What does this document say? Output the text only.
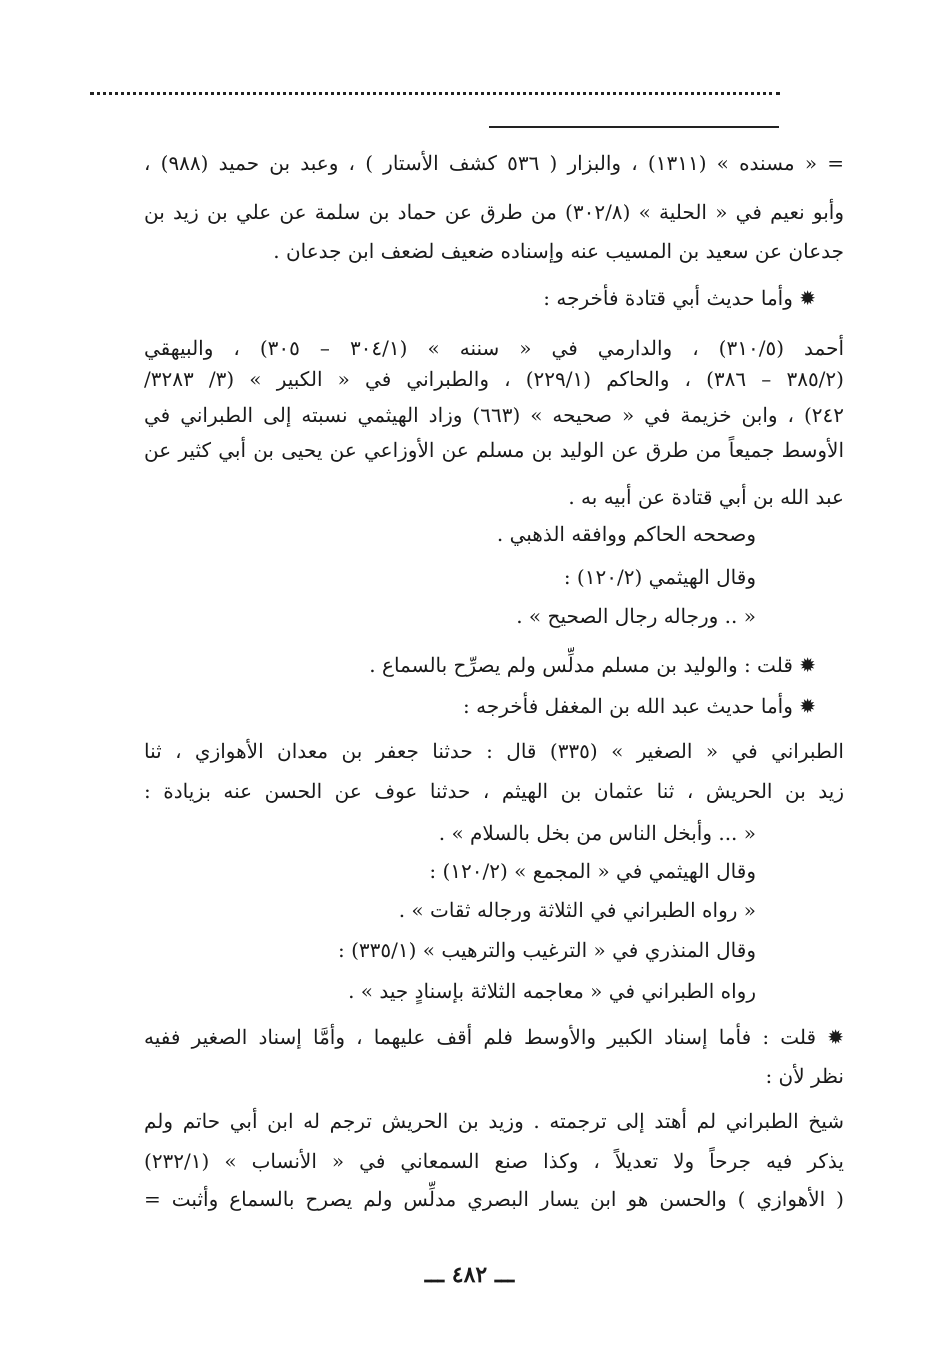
= « مسنده » (١٣١١) ، والبزار ( ٥٣٦ كشف الأستار ) ، وعبد بن حميد (٩٨٨) ،
وأبو نعيم في « الحلية » (٣٠٢/٨) من طرق عن حماد بن سلمة عن علي بن زيد بن
جدعان عن سعيد بن المسيب عنه وإسناده ضعيف لضعف ابن جدعان .
✹ وأما حديث أبي قتادة فأخرجه :
أحمد (٣١٠/٥) ، والدارمي في « سننه » (٣٠٤/١ – ٣٠٥) ، والبيهقي
(٣٨٥/٢ – ٣٨٦) ، والحاكم (٢٢٩/١) ، والطبراني في « الكبير » (٣/ ٣٢٨٣/
٢٤٢) ، وابن خزيمة في « صحيحه » (٦٦٣) وزاد الهيثمي نسبته إلى الطبراني في
الأوسط جميعاً من طرق عن الوليد بن مسلم عن الأوزاعي عن يحيى بن أبي كثير عن
عبد الله بن أبي قتادة عن أبيه به .
وصححه الحاكم ووافقه الذهبي .
وقال الهيثمي (١٢٠/٢) :
« .. ورجاله رجال الصحيح » .
✹ قلت : والوليد بن مسلم مدلِّس ولم يصرِّح بالسماع .
✹ وأما حديث عبد الله بن المغفل فأخرجه :
الطبراني في « الصغير » (٣٣٥) قال : حدثنا جعفر بن معدان الأهوازي ، ثنا
زيد بن الحريش ، ثنا عثمان بن الهيثم ، حدثنا عوف عن الحسن عنه بزيادة :
« ... وأبخل الناس من بخل بالسلام » .
وقال الهيثمي في « المجمع » (١٢٠/٢) :
« رواه الطبراني في الثلاثة ورجاله ثقات » .
وقال المنذري في « الترغيب والترهيب » (٣٣٥/١) :
رواه الطبراني في « معاجمه الثلاثة بإسنادٍ جيد » .
✹ قلت : فأما إسناد الكبير والأوسط فلم أقف عليهما ، وأمَّا إسناد الصغير ففيه
نظر لأن :
شيخ الطبراني لم أهتد إلى ترجمته . وزيد بن الحريش ترجم له ابن أبي حاتم ولم
يذكر فيه جرحاً ولا تعديلاً ، وكذا صنع السمعاني في « الأنساب » (٢٣٢/١)
( الأهوازي ) والحسن هو ابن يسار البصري مدلِّس ولم يصرح بالسماع وأثبت =
ـــ ٤٨٢ ـــ
